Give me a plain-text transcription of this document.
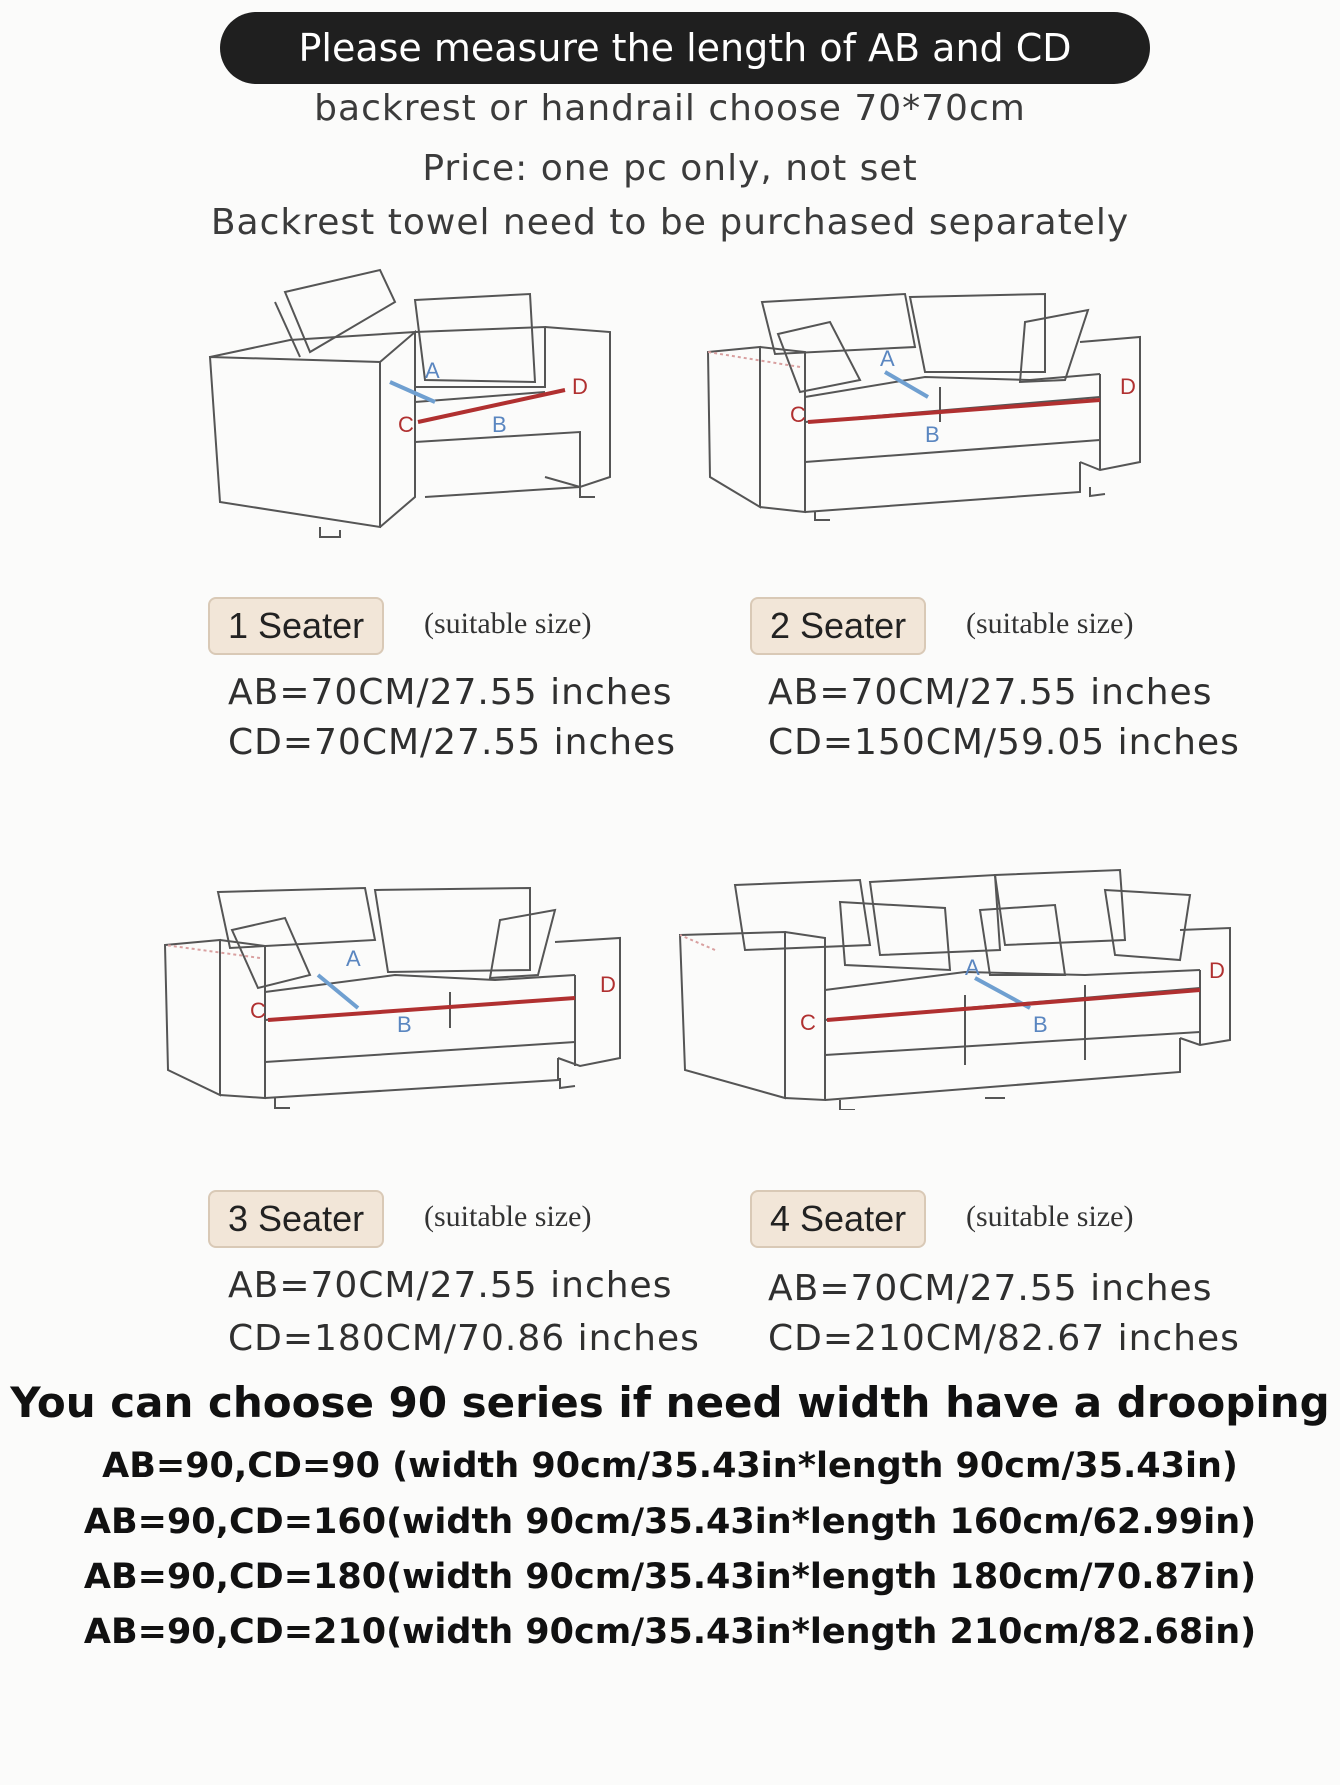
Please measure the length of AB and CD
backrest or handrail choose 70*70cm
Price: one pc only, not set
Backrest towel need to be purchased separately
A
B
C
D
A
B
C
D
1 Seater	(suitable size)	2 Seater	(suitable size)
AB=70CM/27.55 inches
CD=70CM/27.55 inches
AB=70CM/27.55 inches
CD=150CM/59.05 inches
A
B
C
D
A
B
C
D
3 Seater	(suitable size)	4 Seater	(suitable size)
AB=70CM/27.55 inches
CD=180CM/70.86 inches
AB=70CM/27.55 inches
CD=210CM/82.67 inches
You can choose 90 series if need width have a drooping
AB=90,CD=90 (width 90cm/35.43in*length 90cm/35.43in)
AB=90,CD=160(width 90cm/35.43in*length 160cm/62.99in)
AB=90,CD=180(width 90cm/35.43in*length 180cm/70.87in)
AB=90,CD=210(width 90cm/35.43in*length 210cm/82.68in)
